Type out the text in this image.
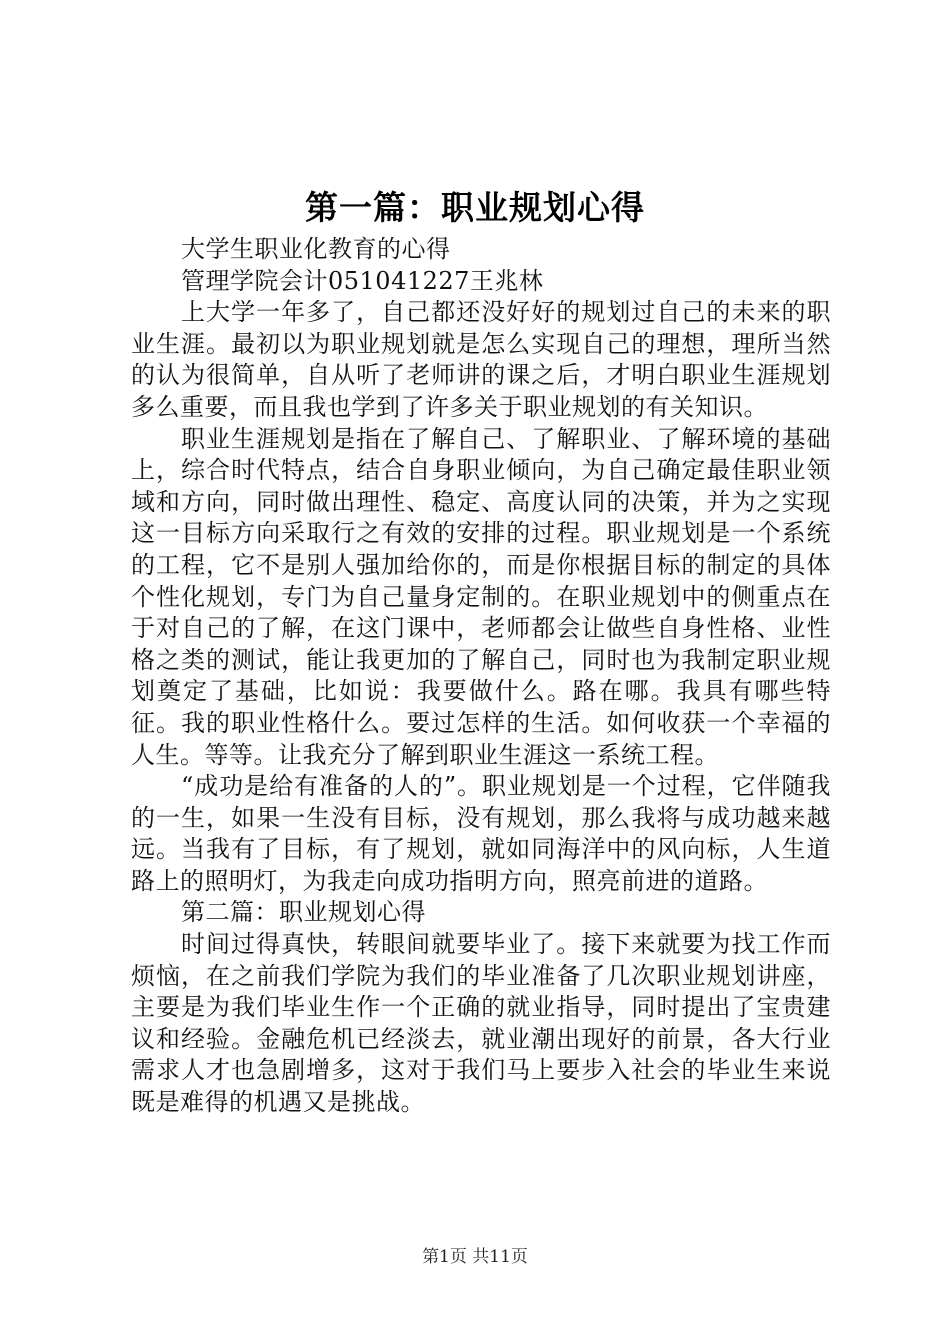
第一篇：职业规划心得

大学生职业化教育的心得

管理学院会计051041227王兆林

上大学一年多了，自己都还没好好的规划过自己的未来的职业生涯。最初以为职业规划就是怎么实现自己的理想，理所当然的认为很简单，自从听了老师讲的课之后，才明白职业生涯规划多么重要，而且我也学到了许多关于职业规划的有关知识。

职业生涯规划是指在了解自己、了解职业、了解环境的基础上，综合时代特点，结合自身职业倾向，为自己确定最佳职业领域和方向，同时做出理性、稳定、高度认同的决策，并为之实现这一目标方向采取行之有效的安排的过程。职业规划是一个系统的工程，它不是别人强加给你的，而是你根据目标的制定的具体个性化规划，专门为自己量身定制的。在职业规划中的侧重点在于对自己的了解，在这门课中，老师都会让做些自身性格、业性格之类的测试，能让我更加的了解自己，同时也为我制定职业规划奠定了基础，比如说：我要做什么。路在哪。我具有哪些特征。我的职业性格什么。要过怎样的生活。如何收获一个幸福的人生。等等。让我充分了解到职业生涯这一系统工程。

“成功是给有准备的人的”。职业规划是一个过程，它伴随我的一生，如果一生没有目标，没有规划，那么我将与成功越来越远。当我有了目标，有了规划，就如同海洋中的风向标，人生道路上的照明灯，为我走向成功指明方向，照亮前进的道路。

第二篇：职业规划心得

时间过得真快，转眼间就要毕业了。接下来就要为找工作而烦恼，在之前我们学院为我们的毕业准备了几次职业规划讲座，主要是为我们毕业生作一个正确的就业指导，同时提出了宝贵建议和经验。金融危机已经淡去，就业潮出现好的前景，各大行业需求人才也急剧增多，这对于我们马上要步入社会的毕业生来说既是难得的机遇又是挑战。

第1页 共11页
